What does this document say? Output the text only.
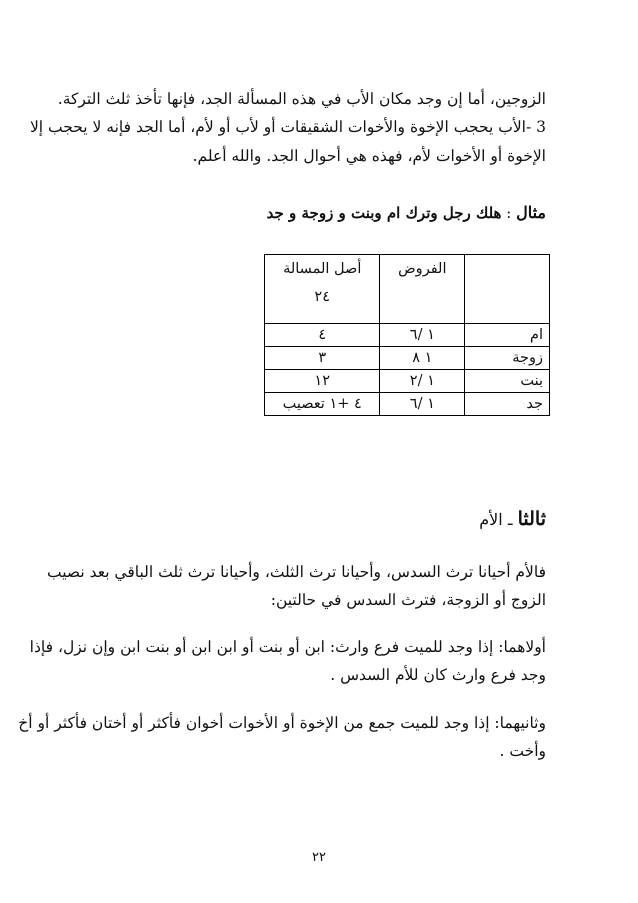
الزوجين، أما إن وجد مكان الأب في هذه المسألة الجد، فإنها تأخذ ثلث التركة.
3 -الأب يحجب الإخوة والأخوات الشقيقات أو لأب أو لأم، أما الجد فإنه لا يحجب إلا
الإخوة أو الأخوات لأم، فهذه هي أحوال الجد. والله أعلم.
مثال : هلك رجل وترك ام وبنت و زوجة و جد
	الفروض	أصل المسالة
٢٤

ام	١ /٦	٤
زوجة	١ ٨	٣
بنت	١ /٢	١٢
جد	١ /٦	٤ +١ تعصيب
ثالثا ـ الأم
فالأم أحيانا ترث السدس، وأحيانا ترث الثلث، وأحيانا ترث ثلث الباقي بعد نصيب
الزوج أو الزوجة، فترث السدس في حالتين:
أولاهما: إذا وجد للميت فرع وارث: ابن أو بنت أو ابن ابن أو بنت ابن وإن نزل، فإذا
وجد فرع وارث كان للأم السدس .
وثانيهما: إذا وجد للميت جمع من الإخوة أو الأخوات أخوان فأكثر أو أختان فأكثر أو أخ
وأخت .
٢٢
